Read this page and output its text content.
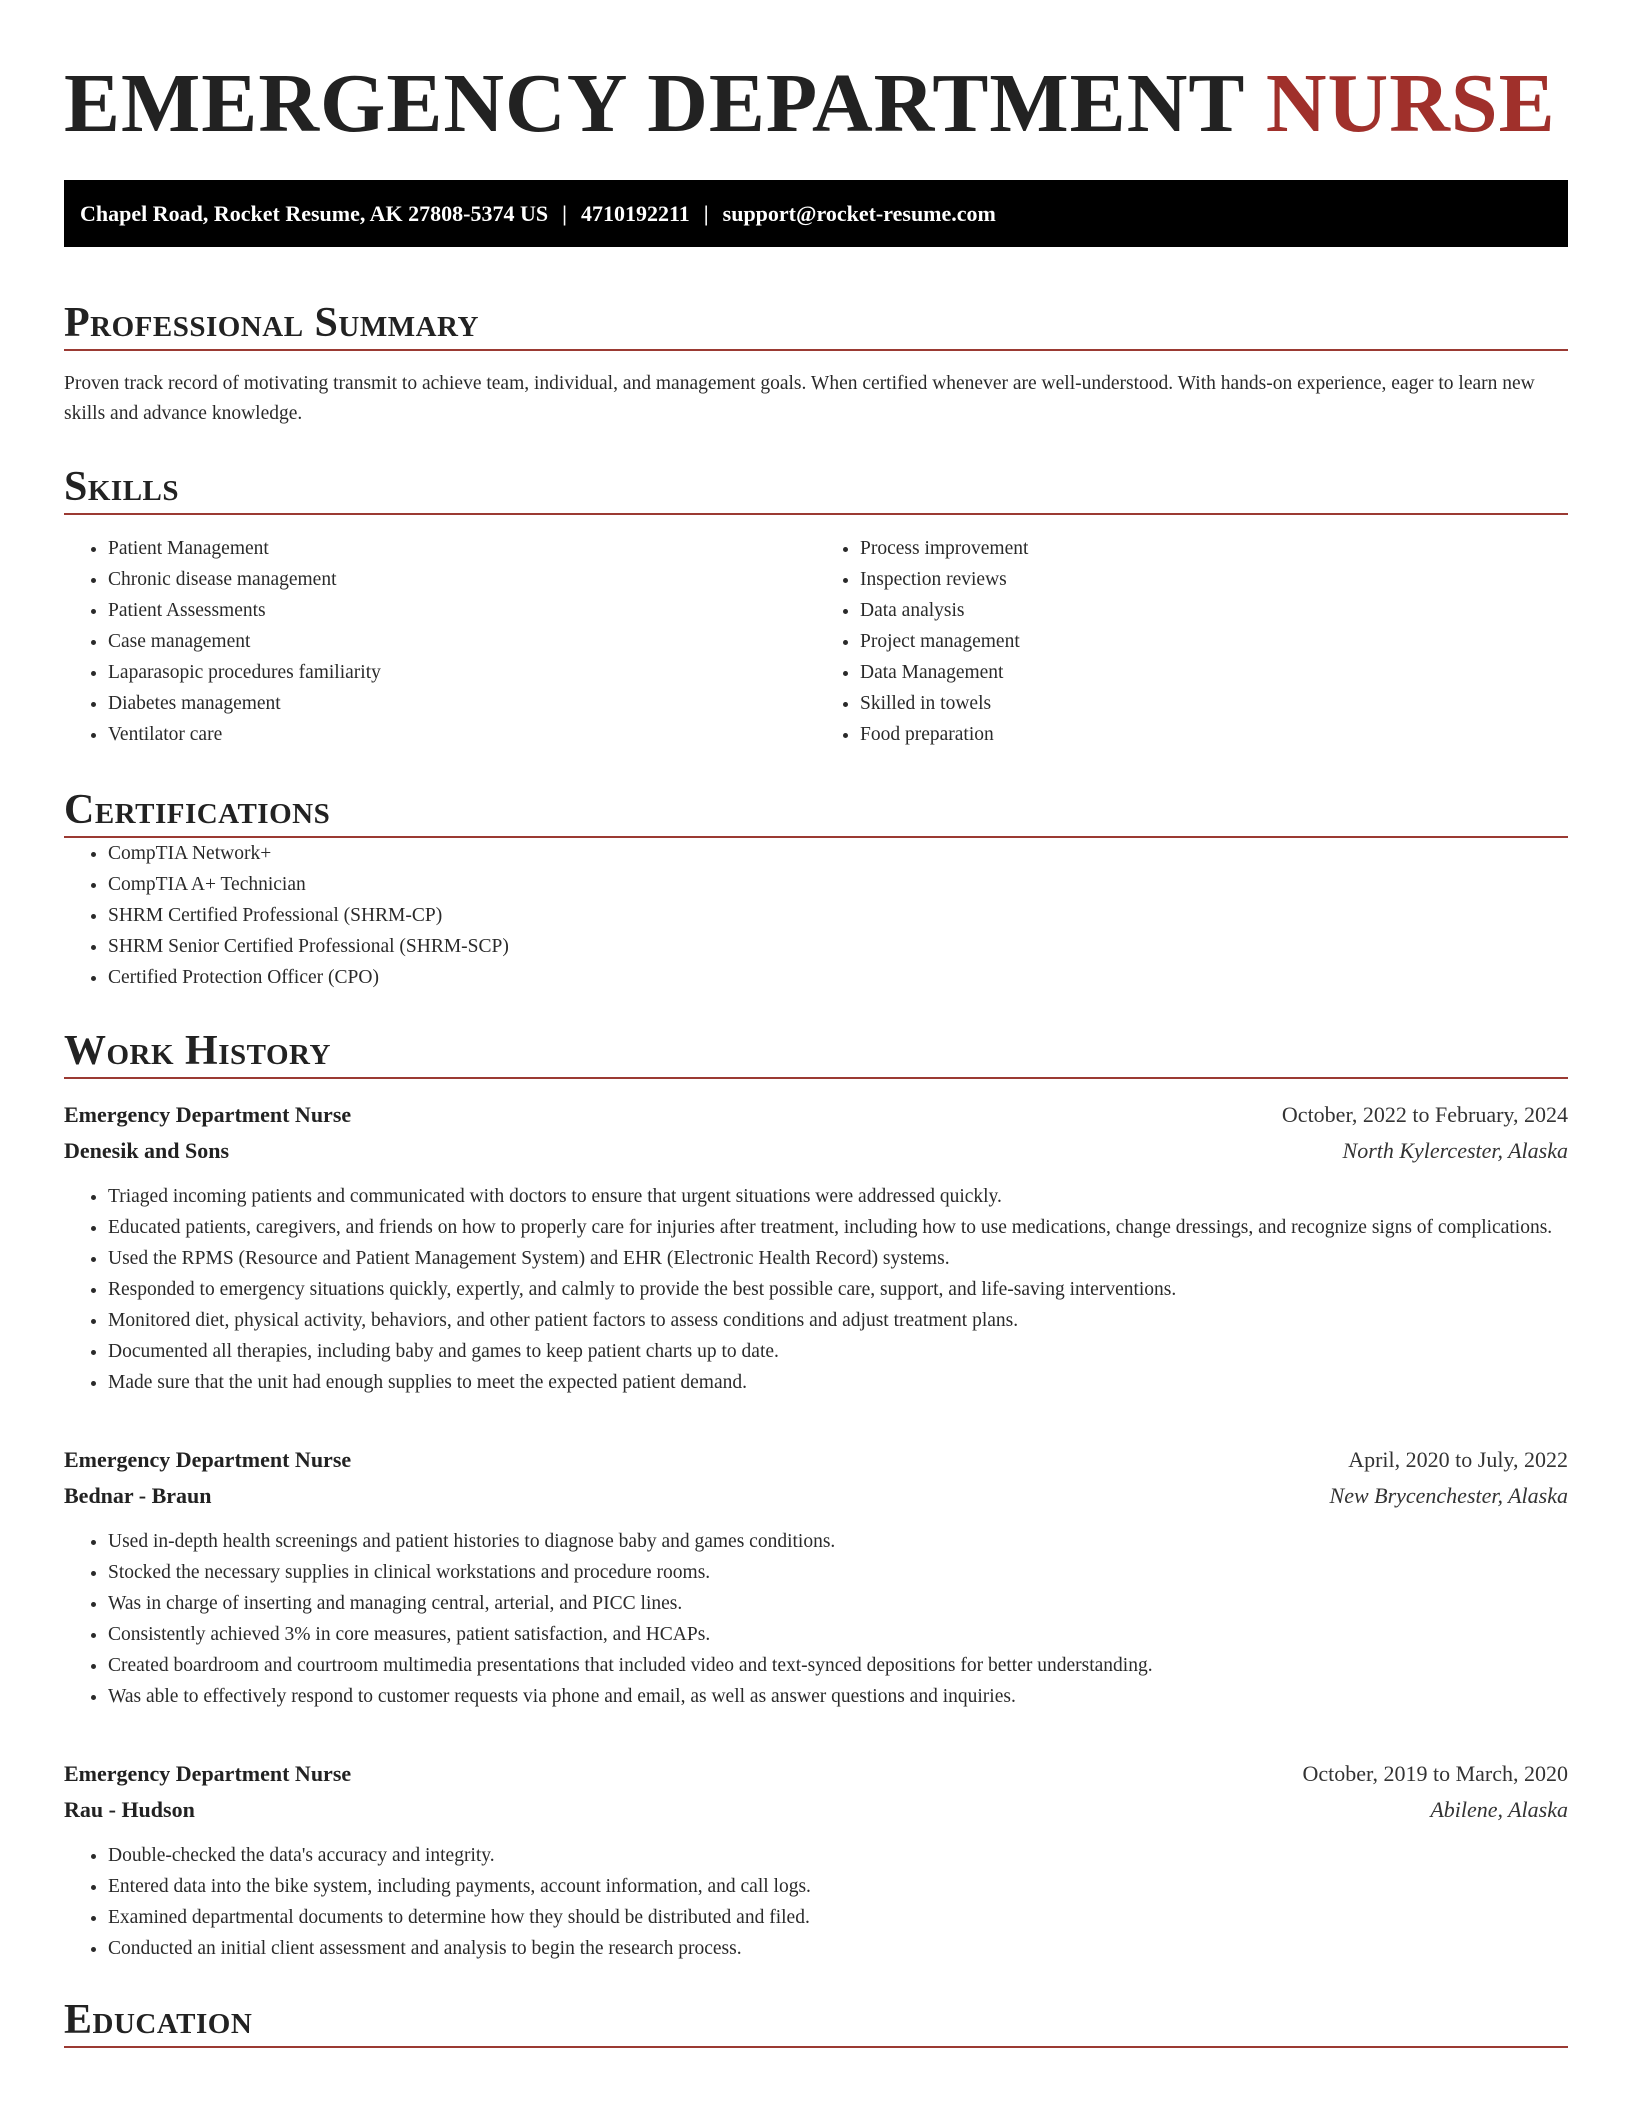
EMERGENCY DEPARTMENT NURSE
Chapel Road, Rocket Resume, AK 27808-5374 US | 4710192211 | support@rocket-resume.com
Professional Summary

Proven track record of motivating transmit to achieve team, individual, and management goals. When certified whenever are well-understood. With hands-on experience, eager to learn new skills and advance knowledge.

Skills
• Patient Management
• Chronic disease management
• Patient Assessments
• Case management
• Laparasopic procedures familiarity
• Diabetes management
• Ventilator care
• Process improvement
• Inspection reviews
• Data analysis
• Project management
• Data Management
• Skilled in towels
• Food preparation
Certifications
• CompTIA Network+
• CompTIA A+ Technician
• SHRM Certified Professional (SHRM-CP)
• SHRM Senior Certified Professional (SHRM-SCP)
• Certified Protection Officer (CPO)
Work History
Emergency Department Nurse	October, 2022 to February, 2024
Denesik and Sons	North Kylercester, Alaska
• Triaged incoming patients and communicated with doctors to ensure that urgent situations were addressed quickly.
• Educated patients, caregivers, and friends on how to properly care for injuries after treatment, including how to use medications, change dressings, and recognize signs of complications.
• Used the RPMS (Resource and Patient Management System) and EHR (Electronic Health Record) systems.
• Responded to emergency situations quickly, expertly, and calmly to provide the best possible care, support, and life-saving interventions.
• Monitored diet, physical activity, behaviors, and other patient factors to assess conditions and adjust treatment plans.
• Documented all therapies, including baby and games to keep patient charts up to date.
• Made sure that the unit had enough supplies to meet the expected patient demand.
Emergency Department Nurse	April, 2020 to July, 2022
Bednar - Braun	New Brycenchester, Alaska
• Used in-depth health screenings and patient histories to diagnose baby and games conditions.
• Stocked the necessary supplies in clinical workstations and procedure rooms.
• Was in charge of inserting and managing central, arterial, and PICC lines.
• Consistently achieved 3% in core measures, patient satisfaction, and HCAPs.
• Created boardroom and courtroom multimedia presentations that included video and text-synced depositions for better understanding.
• Was able to effectively respond to customer requests via phone and email, as well as answer questions and inquiries.
Emergency Department Nurse	October, 2019 to March, 2020
Rau - Hudson	Abilene, Alaska
• Double-checked the data's accuracy and integrity.
• Entered data into the bike system, including payments, account information, and call logs.
• Examined departmental documents to determine how they should be distributed and filed.
• Conducted an initial client assessment and analysis to begin the research process.
Education
